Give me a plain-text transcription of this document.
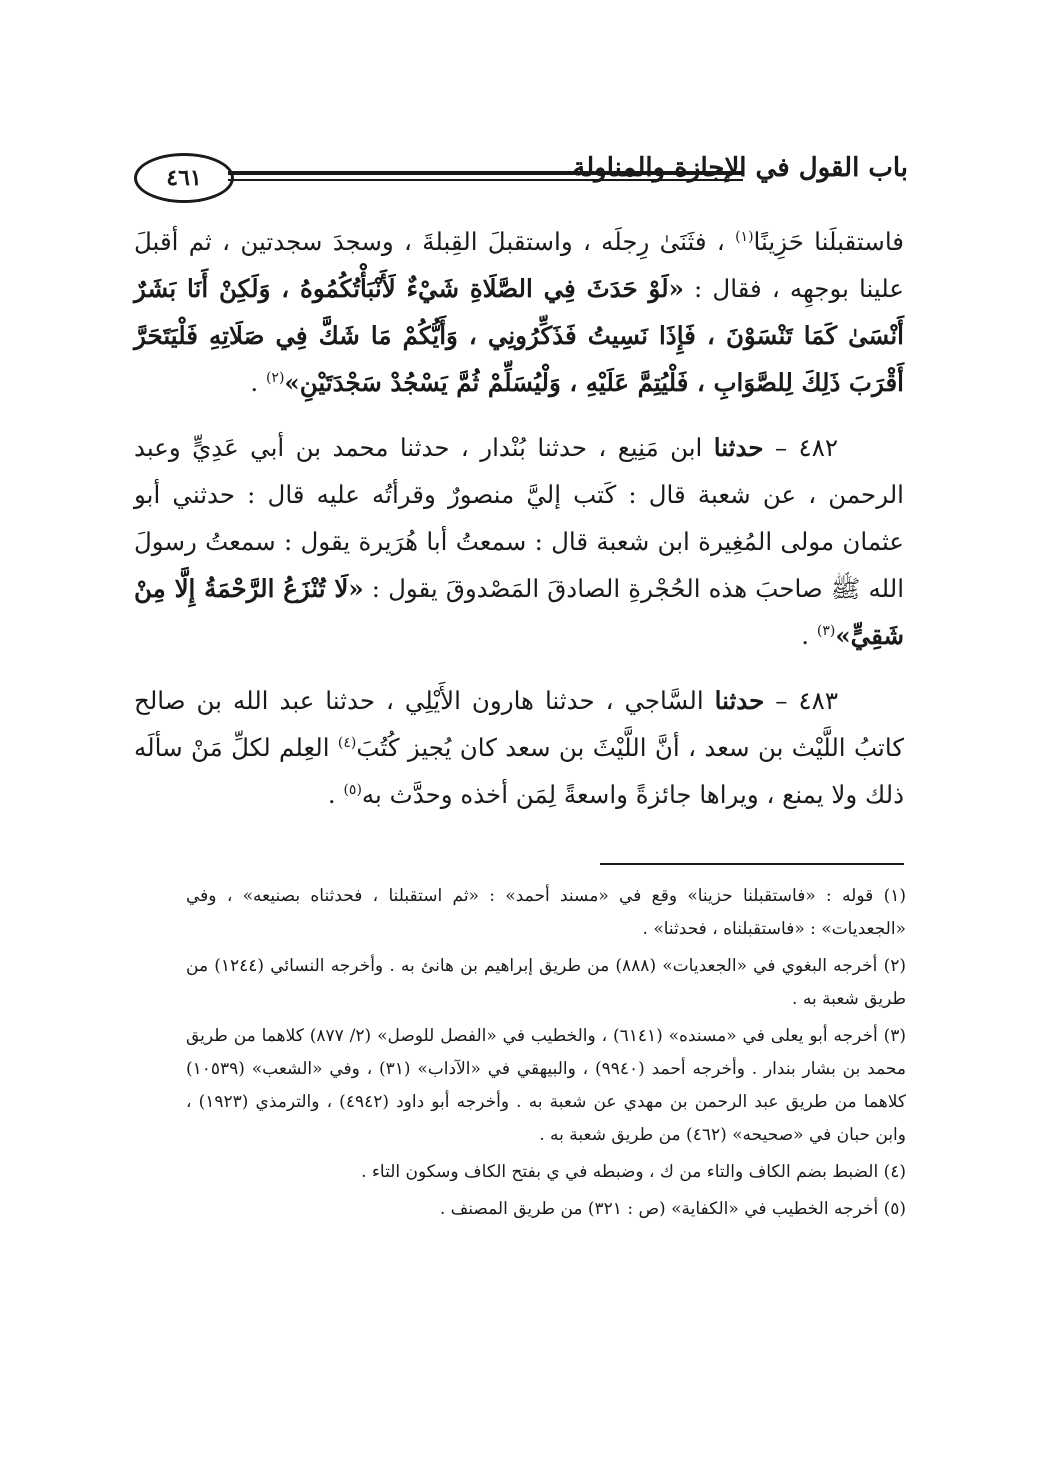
٤٦١	باب القول في الإجازة والمناولة

فاستقبلَنا حَزِينًا$^{(١)}$ ، فثَنَىٰ رِجلَه ، واستقبلَ القِبلةَ ، وسجدَ سجدتين ، ثم أقبلَ علينا بوجهِه ، فقال : «لَوْ حَدَثَ فِي الصَّلَاةِ شَيْءٌ لَأَنْبَأْتُكُمُوهُ ، وَلَكِنْ أَنَا بَشَرٌ أَنْسَىٰ كَمَا تَنْسَوْنَ ، فَإِذَا نَسِيتُ فَذَكِّرُونِي ، وَأَيُّكُمْ مَا شَكَّ فِي صَلَاتِهِ فَلْيَتَحَرَّ أَقْرَبَ ذَلِكَ لِلصَّوَابِ ، فَلْيُتِمَّ عَلَيْهِ ، وَلْيُسَلِّمْ ثُمَّ يَسْجُدْ سَجْدَتَيْنِ»$^{(٢)}$ .

٤٨٢ – حدثنا ابن مَنِيع ، حدثنا بُنْدار ، حدثنا محمد بن أبي عَدِيٍّ وعبد الرحمن ، عن شعبة قال : كَتب إليَّ منصورٌ وقرأتُه عليه قال : حدثني أبو عثمان مولى المُغِيرة ابن شعبة قال : سمعتُ أبا هُرَيرة يقول : سمعتُ رسولَ الله ﷺ صاحبَ هذه الحُجْرةِ الصادقَ المَصْدوقَ يقول : «لَا تُنْزَعُ الرَّحْمَةُ إِلَّا مِنْ شَقِيٍّ»$^{(٣)}$ .

٤٨٣ – حدثنا السَّاجي ، حدثنا هارون الأَيْلِي ، حدثنا عبد الله بن صالح كاتبُ اللَّيْث بن سعد ، أنَّ اللَّيْثَ بن سعد كان يُجيز كُتُبَ$^{(٤)}$ العِلم لكلِّ مَنْ سألَه ذلك ولا يمنع ، ويراها جائزةً واسعةً لِمَن أخذه وحدَّث به$^{(٥)}$ .

(١) قوله : «فاستقبلنا حزينا» وقع في «مسند أحمد» : «ثم استقبلنا ، فحدثناه بصنيعه» ، وفي «الجعديات» : «فاستقبلناه ، فحدثنا» .

(٢) أخرجه البغوي في «الجعديات» (٨٨٨) من طريق إبراهيم بن هانئ به . وأخرجه النسائي (١٢٤٤) من طريق شعبة به .

(٣) أخرجه أبو يعلى في «مسنده» (٦١٤١) ، والخطيب في «الفصل للوصل» (٢/ ٨٧٧) كلاهما من طريق محمد بن بشار بندار . وأخرجه أحمد (٩٩٤٠) ، والبيهقي في «الآداب» (٣١) ، وفي «الشعب» (١٠٥٣٩) كلاهما من طريق عبد الرحمن بن مهدي عن شعبة به . وأخرجه أبو داود (٤٩٤٢) ، والترمذي (١٩٢٣) ، وابن حبان في «صحيحه» (٤٦٢) من طريق شعبة به .

(٤) الضبط بضم الكاف والتاء من ك ، وضبطه في ي بفتح الكاف وسكون التاء .

(٥) أخرجه الخطيب في «الكفاية» (ص : ٣٢١) من طريق المصنف .
